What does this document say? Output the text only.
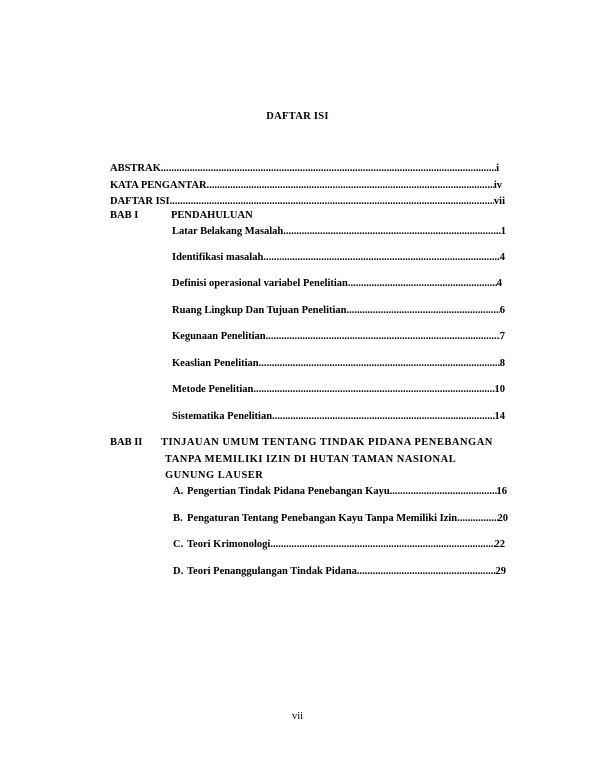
DAFTAR ISI
ABSTRAK .....	i
KATA PENGANTAR .....	iv
DAFTAR ISI .....	vii
BAB I	PENDAHULUAN
Latar Belakang Masalah .....	1
Identifikasi masalah .....	4
Definisi operasional variabel Penelitian .....	4
Ruang Lingkup Dan Tujuan Penelitian .....	6
Kegunaan Penelitian .....	7
Keaslian Penelitian .....	8
Metode Penelitian .....	10
Sistematika Penelitian .....	14
BAB II TINJAUAN UMUM TENTANG TINDAK PIDANA PENEBANGAN
TANPA MEMILIKI IZIN DI HUTAN TAMAN NASIONAL
GUNUNG LAUSER
A. Pengertian Tindak Pidana Penebangan Kayu .....	16
B. Pengaturan Tentang Penebangan Kayu Tanpa Memiliki Izin .....	20
C. Teori Krimonologi .....	22
D. Teori Penanggulangan Tindak Pidana .....	29
vii
